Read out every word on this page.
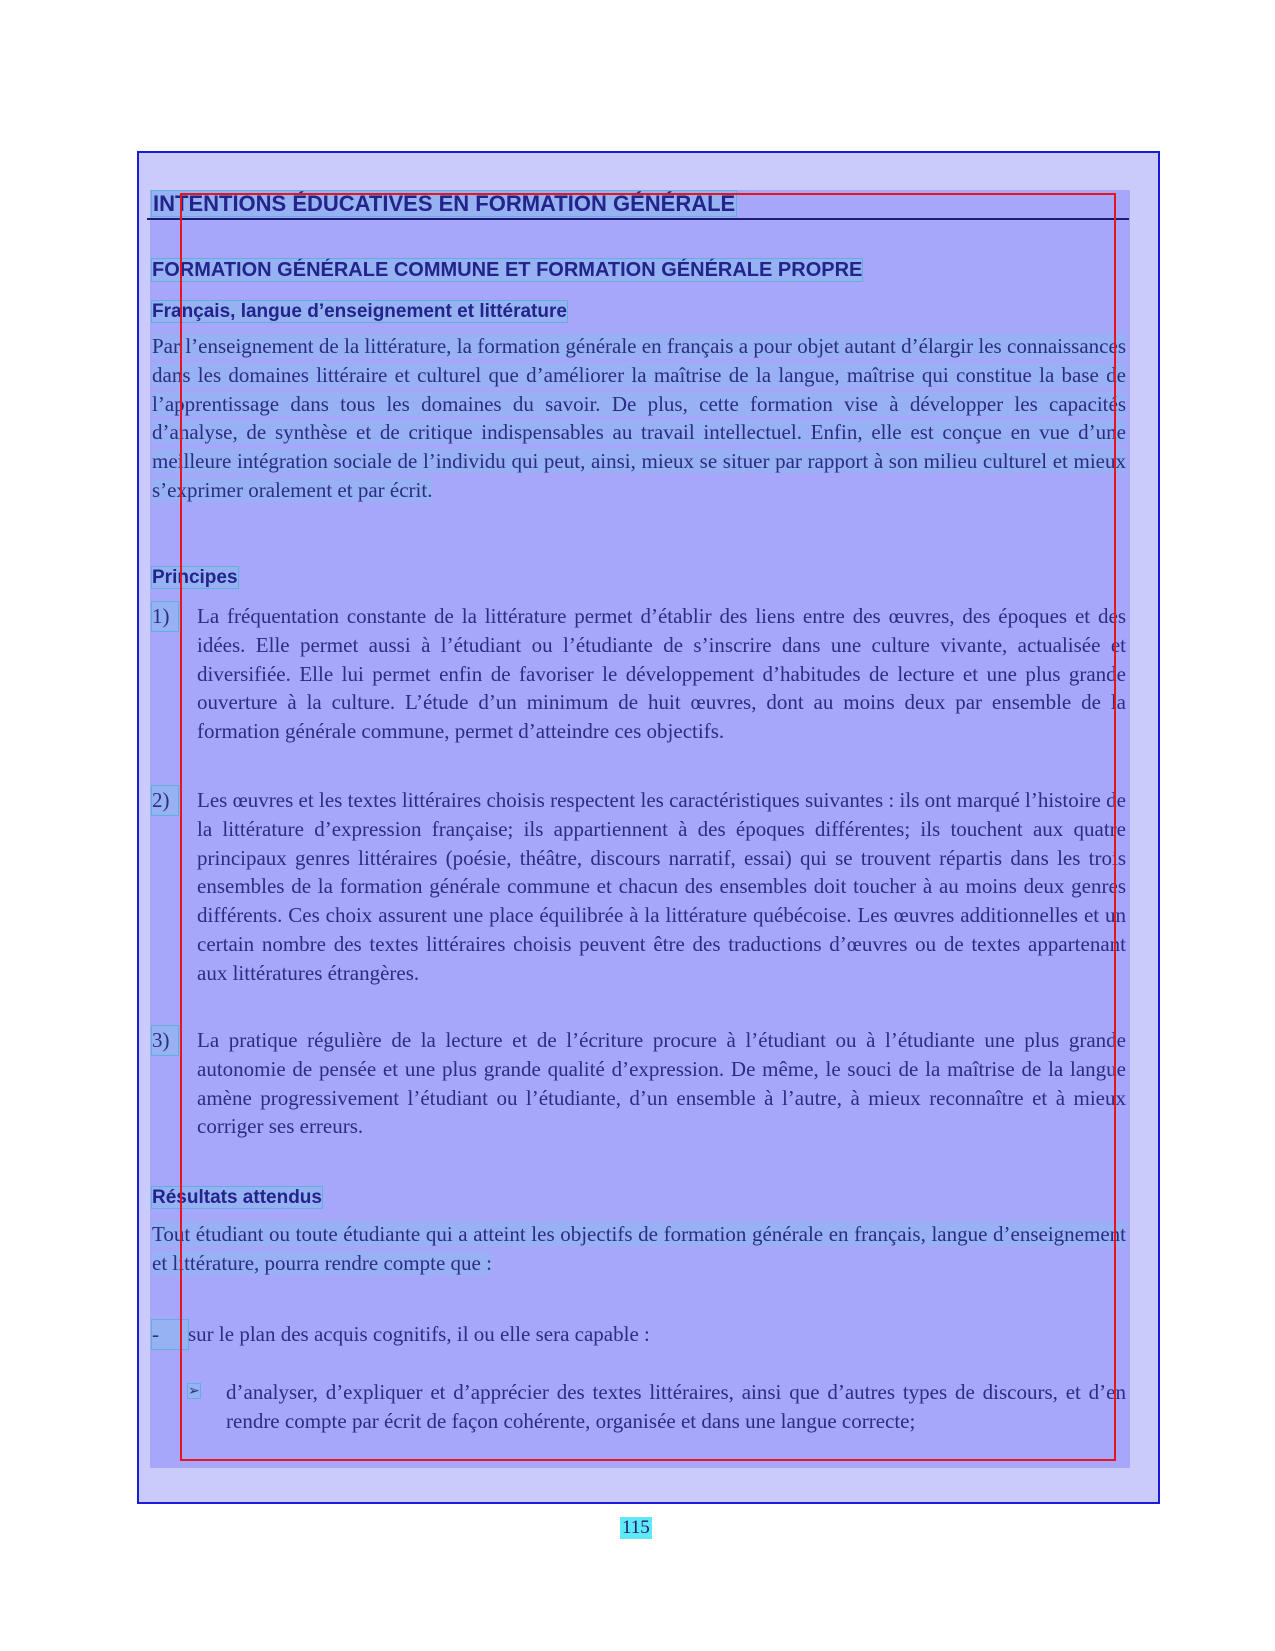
INTENTIONS ÉDUCATIVES EN FORMATION GÉNÉRALE
FORMATION GÉNÉRALE COMMUNE ET FORMATION GÉNÉRALE PROPRE
Français, langue d’enseignement et littérature
Par l’enseignement de la littérature, la formation générale en français a pour objet autant d’élargir les connaissances dans les domaines littéraire et culturel que d’améliorer la maîtrise de la langue, maîtrise qui constitue la base de l’apprentissage dans tous les domaines du savoir. De plus, cette formation vise à développer les capacités d’analyse, de synthèse et de critique indispensables au travail intellectuel. Enfin, elle est conçue en vue d’une meilleure intégration sociale de l’individu qui peut, ainsi, mieux se situer par rapport à son milieu culturel et mieux s’exprimer oralement et par écrit.
Principes
1)	La fréquentation constante de la littérature permet d’établir des liens entre des œuvres, des époques et des idées. Elle permet aussi à l’étudiant ou l’étudiante de s’inscrire dans une culture vivante, actualisée et diversifiée. Elle lui permet enfin de favoriser le développement d’habitudes de lecture et une plus grande ouverture à la culture. L’étude d’un minimum de huit œuvres, dont au moins deux par ensemble de la formation générale commune, permet d’atteindre ces objectifs.
2)	Les œuvres et les textes littéraires choisis respectent les caractéristiques suivantes : ils ont marqué l’histoire de la littérature d’expression française; ils appartiennent à des époques différentes; ils touchent aux quatre principaux genres littéraires (poésie, théâtre, discours narratif, essai) qui se trouvent répartis dans les trois ensembles de la formation générale commune et chacun des ensembles doit toucher à au moins deux genres différents. Ces choix assurent une place équilibrée à la littérature québécoise. Les œuvres additionnelles et un certain nombre des textes littéraires choisis peuvent être des traductions d’œuvres ou de textes appartenant aux littératures étrangères.
3)	La pratique régulière de la lecture et de l’écriture procure à l’étudiant ou à l’étudiante une plus grande autonomie de pensée et une plus grande qualité d’expression. De même, le souci de la maîtrise de la langue amène progressivement l’étudiant ou l’étudiante, d’un ensemble à l’autre, à mieux reconnaître et à mieux corriger ses erreurs.
Résultats attendus
Tout étudiant ou toute étudiante qui a atteint les objectifs de formation générale en français, langue d’enseignement et littérature, pourra rendre compte que :
- sur le plan des acquis cognitifs, il ou elle sera capable :
➢ d’analyser, d’expliquer et d’apprécier des textes littéraires, ainsi que d’autres types de discours, et d’en rendre compte par écrit de façon cohérente, organisée et dans une langue correcte;
115
